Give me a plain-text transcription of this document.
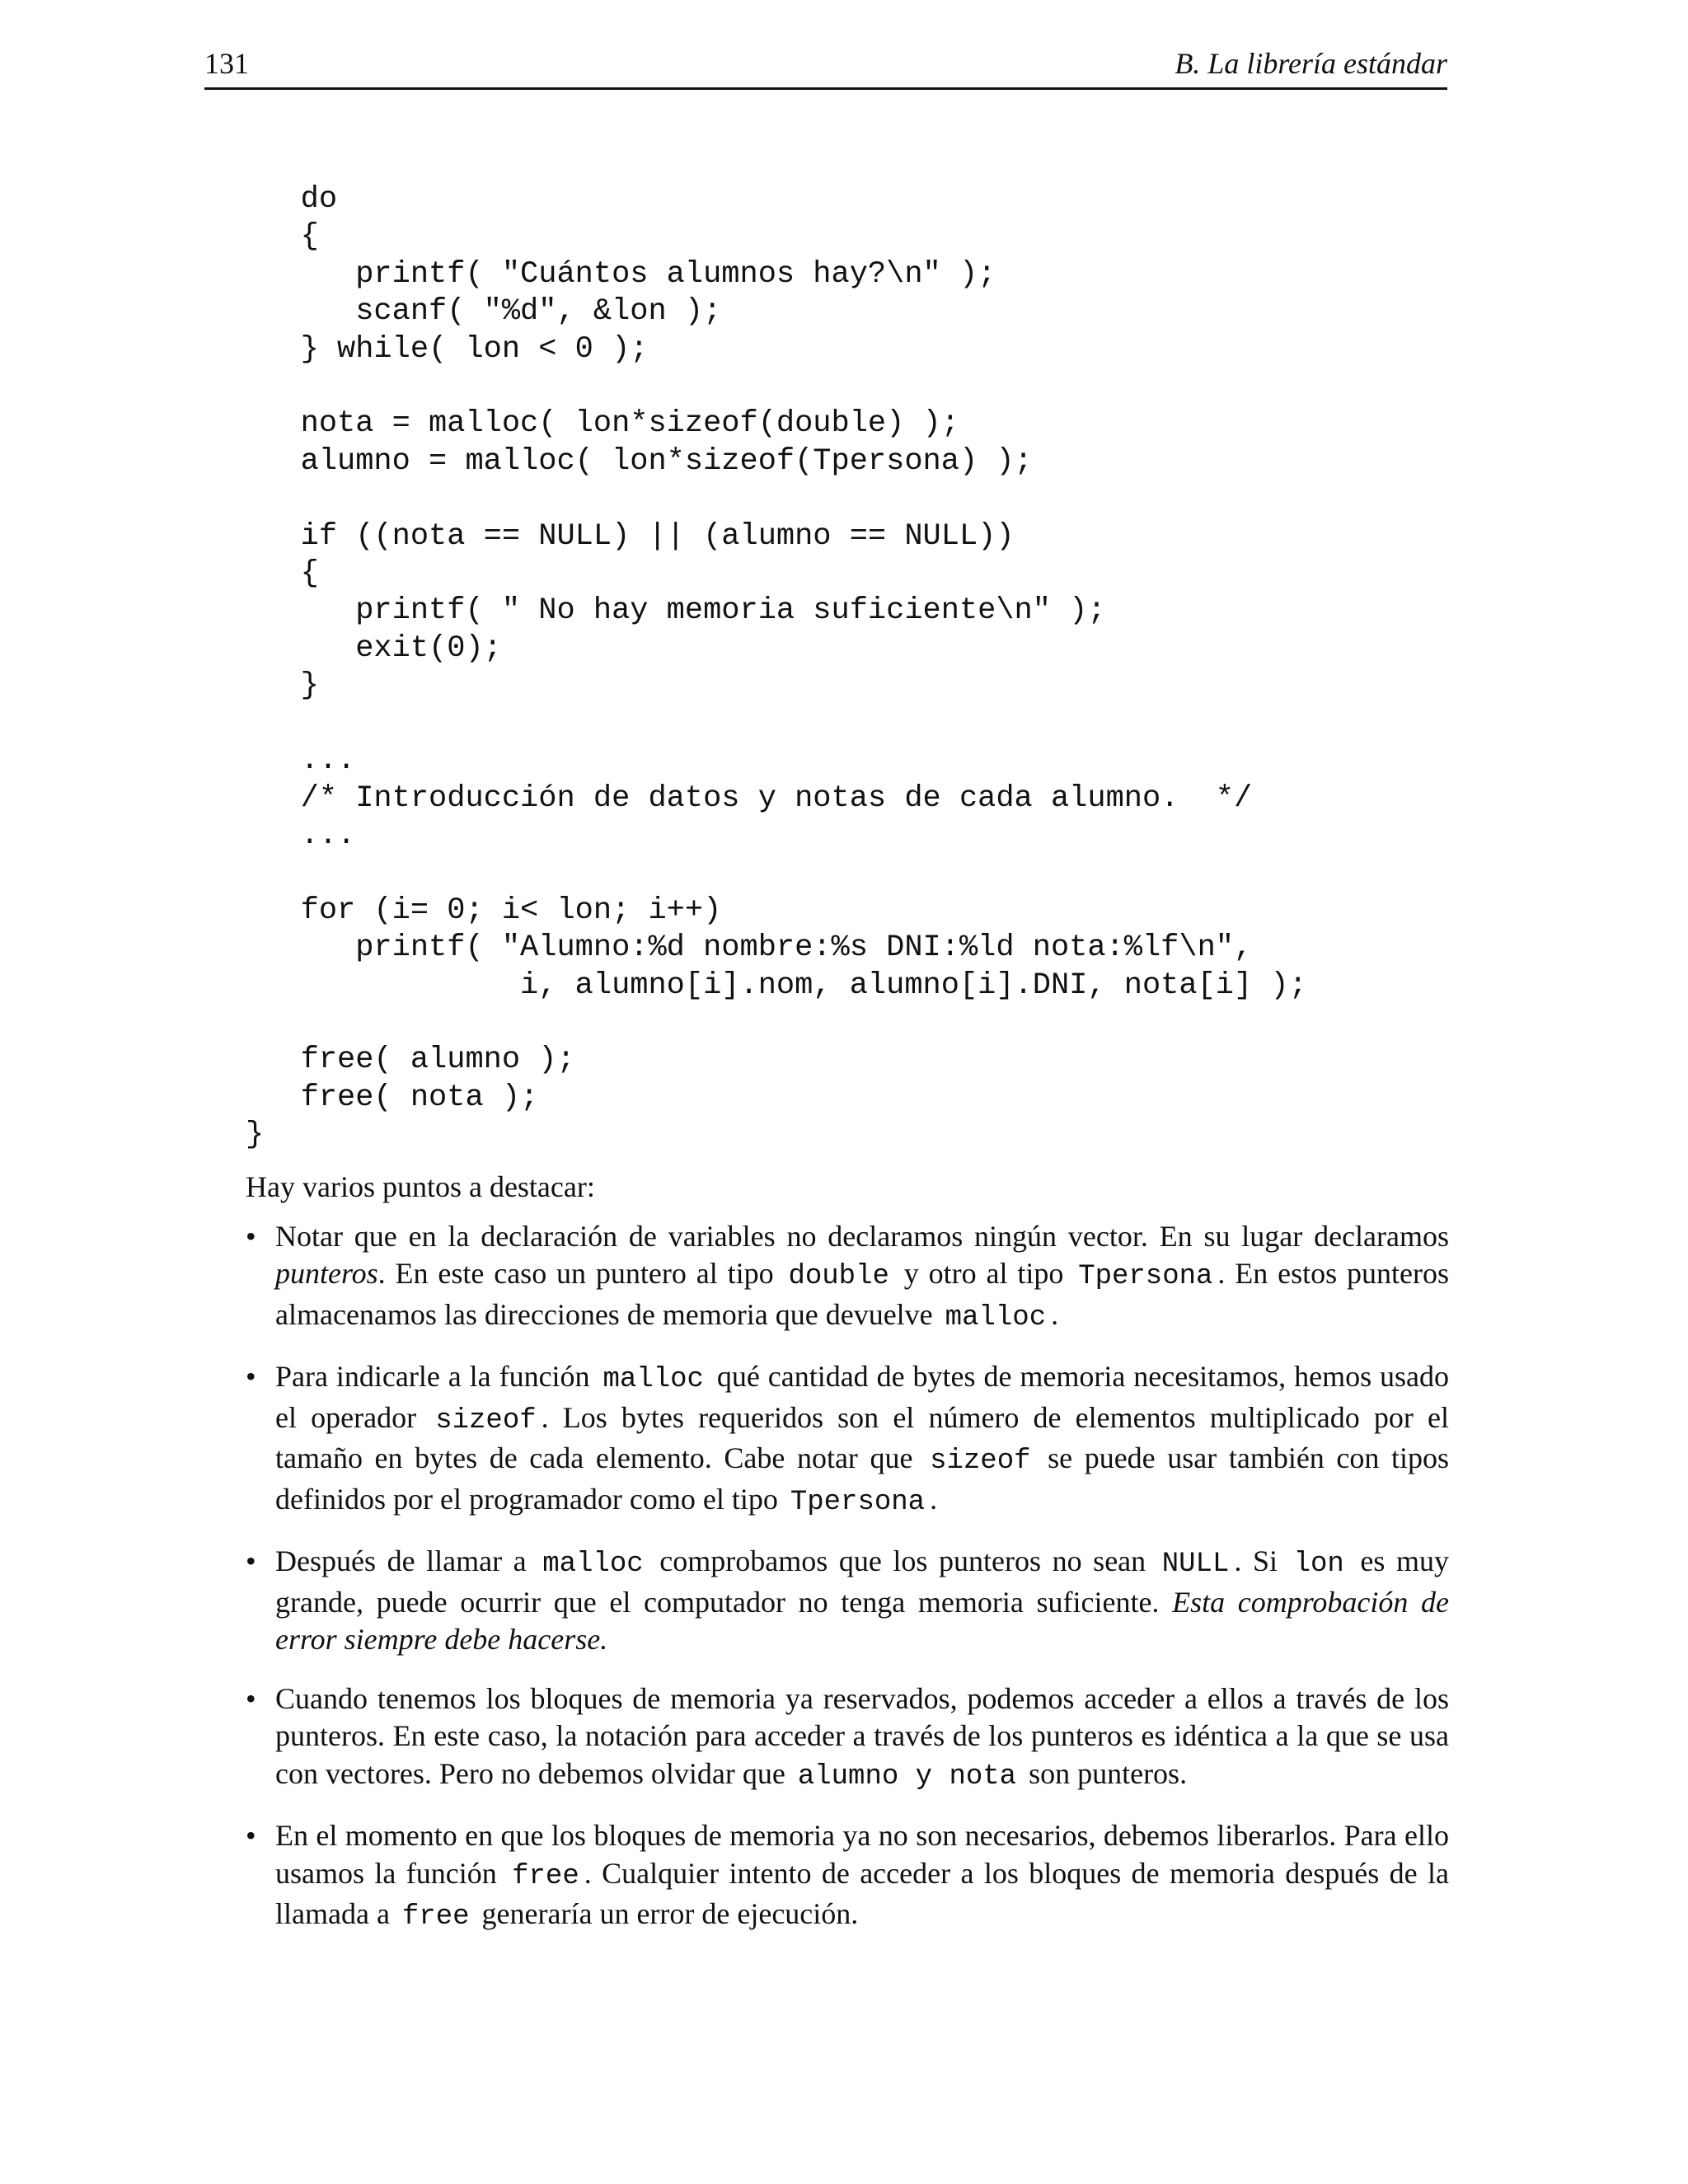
131	B. La librería estándar
do
{
printf( "Cuántos alumnos hay?\n" );
scanf( "%d", &lon );
} while( lon < 0 );

nota = malloc( lon*sizeof(double) );
alumno = malloc( lon*sizeof(Tpersona) );

if ((nota == NULL) || (alumno == NULL))
{
printf( " No hay memoria suficiente\n" );
exit(0);
}

...
/* Introducción de datos y notas de cada alumno.  */
...

for (i= 0; i< lon; i++)
printf( "Alumno:%d nombre:%s DNI:%ld nota:%lf\n",
i, alumno[i].nom, alumno[i].DNI, nota[i] );

free( alumno );
free( nota );
}

Hay varios puntos a destacar:

• Notar que en la declaración de variables no declaramos ningún vector. En su lugar declaramos punteros. En este caso un puntero al tipo double y otro al tipo Tpersona . En estos punteros almacenamos las direcciones de memoria que devuelve malloc .
• Para indicarle a la función malloc qué cantidad de bytes de memoria necesitamos, hemos usado el operador sizeof . Los bytes requeridos son el número de elementos multiplicado por el tamaño en bytes de cada elemento. Cabe notar que sizeof se puede usar también con tipos definidos por el programador como el tipo Tpersona .
• Después de llamar a malloc comprobamos que los punteros no sean NULL . Si lon es muy grande, puede ocurrir que el computador no tenga memoria suficiente. Esta comprobación de error siempre debe hacerse.
• Cuando tenemos los bloques de memoria ya reservados, podemos acceder a ellos a través de los punteros. En este caso, la notación para acceder a través de los punteros es idéntica a la que se usa con vectores. Pero no debemos olvidar que alumno y nota son punteros.
• En el momento en que los bloques de memoria ya no son necesarios, debemos liberarlos. Para ello usamos la función free . Cualquier intento de acceder a los bloques de memoria después de la llamada a free generaría un error de ejecución.
